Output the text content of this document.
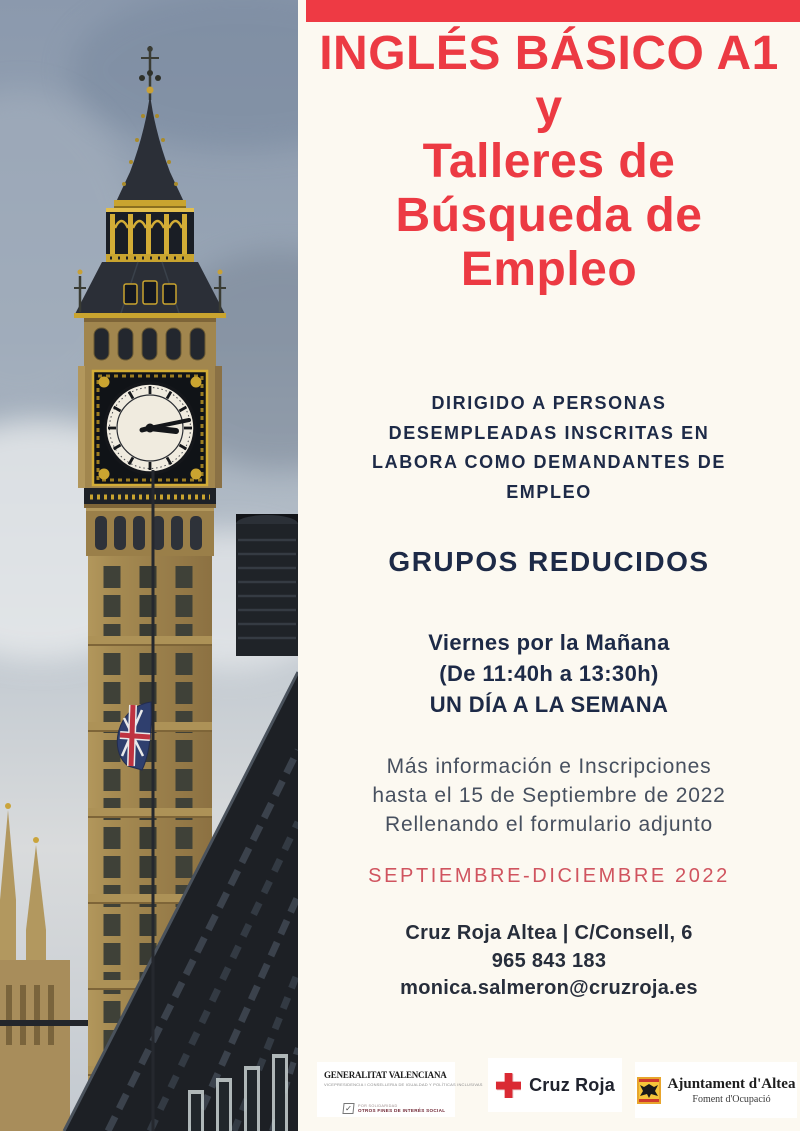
INGLÉS BÁSICO A1
y
Talleres de
Búsqueda de
Empleo
DIRIGIDO A PERSONAS
DESEMPLEADAS INSCRITAS EN
LABORA COMO DEMANDANTES DE
EMPLEO
GRUPOS REDUCIDOS
Viernes por la Mañana
(De 11:40h a 13:30h)
UN DÍA A LA SEMANA
Más información e Inscripciones
hasta el 15 de Septiembre de 2022
Rellenando el formulario adjunto
SEPTIEMBRE-DICIEMBRE 2022
Cruz Roja Altea | C/Consell, 6
965 843 183
monica.salmeron@cruzroja.es
GENERALITAT VALENCIANA
VICEPRESIDENCIA I CONSELLERIA DE IGUALDAD Y POLÍTICAS INCLUSIVAS
✓	POR SOLIDARIDAD
OTROS FINES DE INTERÉS SOCIAL
Cruz Roja	Ajuntament d'Altea
Foment d'Ocupació
